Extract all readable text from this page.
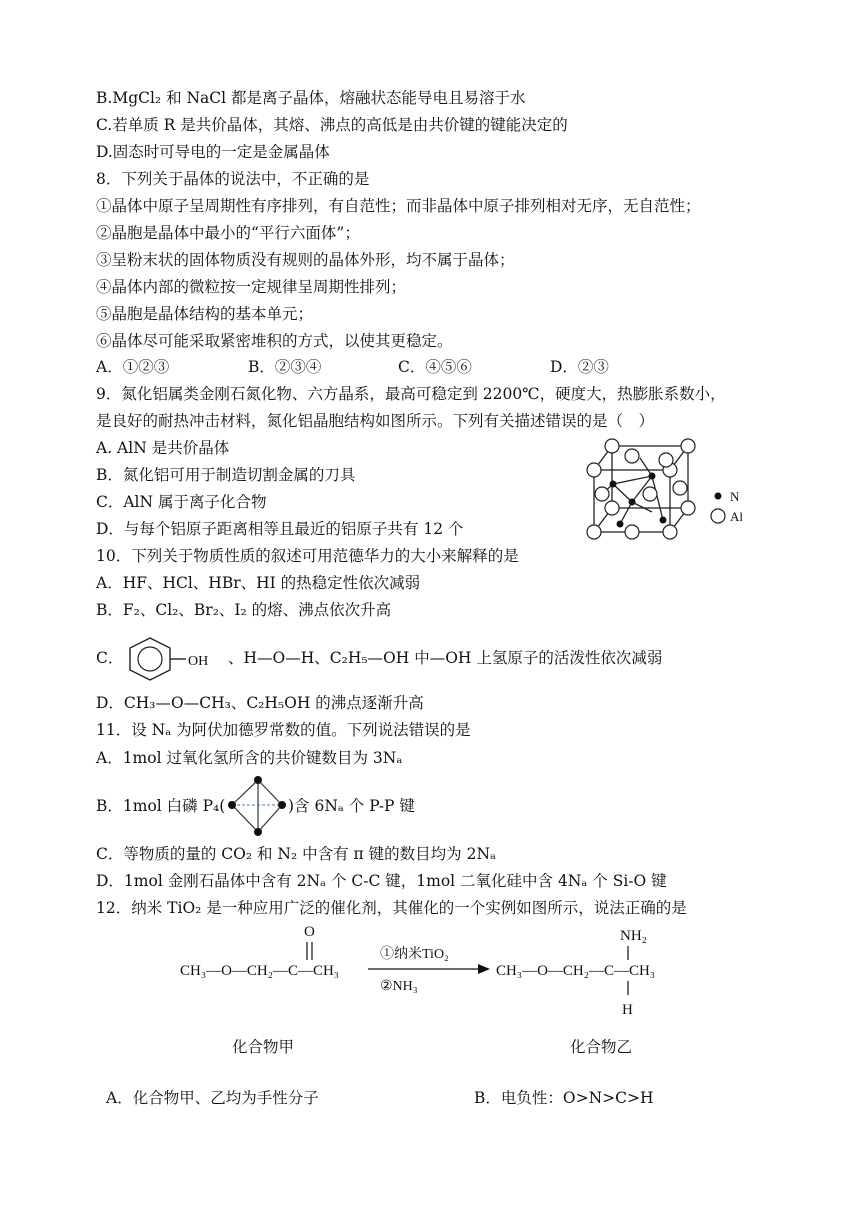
B.MgCl₂ 和 NaCl 都是离子晶体，熔融状态能导电且易溶于水
C.若单质 R 是共价晶体，其熔、沸点的高低是由共价键的键能决定的
D.固态时可导电的一定是金属晶体
8．下列关于晶体的说法中，不正确的是
①晶体中原子呈周期性有序排列，有自范性；而非晶体中原子排列相对无序，无自范性；
②晶胞是晶体中最小的“平行六面体”；
③呈粉末状的固体物质没有规则的晶体外形，均不属于晶体；
④晶体内部的微粒按一定规律呈周期性排列；
⑤晶胞是晶体结构的基本单元；
⑥晶体尽可能采取紧密堆积的方式，以使其更稳定。
A．①②③	B．②③④	C．④⑤⑥	D．②③
9．氮化铝属类金刚石氮化物、六方晶系，最高可稳定到 2200℃，硬度大，热膨胀系数小，
是良好的耐热冲击材料，氮化铝晶胞结构如图所示。下列有关描述错误的是（　）
A. AlN 是共价晶体
B．氮化铝可用于制造切割金属的刀具
C．AlN 属于离子化合物
D．与每个铝原子距离相等且最近的铝原子共有 12 个
N
Al
10．下列关于物质性质的叙述可用范德华力的大小来解释的是
A．HF、HCl、HBr、HI 的热稳定性依次减弱
B．F₂、Cl₂、Br₂、I₂ 的熔、沸点依次升高
C．	OH 、H—O—H、C₂H₅—OH 中—OH 上氢原子的活泼性依次减弱
D．CH₃—O—CH₃、C₂H₅OH 的沸点逐渐升高
11．设 Nₐ 为阿伏加德罗常数的值。下列说法错误的是
A．1mol 过氧化氢所含的共价键数目为 3Nₐ
B．1mol 白磷 P₄(	)含 6Nₐ 个 P-P 键
C．等物质的量的 CO₂ 和 N₂ 中含有 π 键的数目均为 2Nₐ
D．1mol 金刚石晶体中含有 2Nₐ 个 C-C 键，1mol 二氧化硅中含 4Nₐ 个 Si-O 键
12．纳米 TiO₂ 是一种应用广泛的催化剂，其催化的一个实例如图所示，说法正确的是
CH₃—O—CH₂—C—CH₃
O
①纳米TiO₂
②NH₃
CH₃—O—CH₂—C—CH₃
NH₂
H
化合物甲	化合物乙
A．化合物甲、乙均为手性分子	B．电负性：O>N>C>H
